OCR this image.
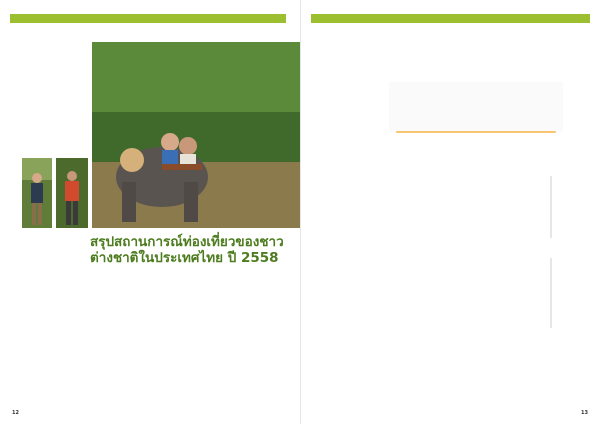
สรุปสถานการณ์ท่องเที่ยวของชาวต่างชาติในประเทศไทย ปี 2558
12	13
